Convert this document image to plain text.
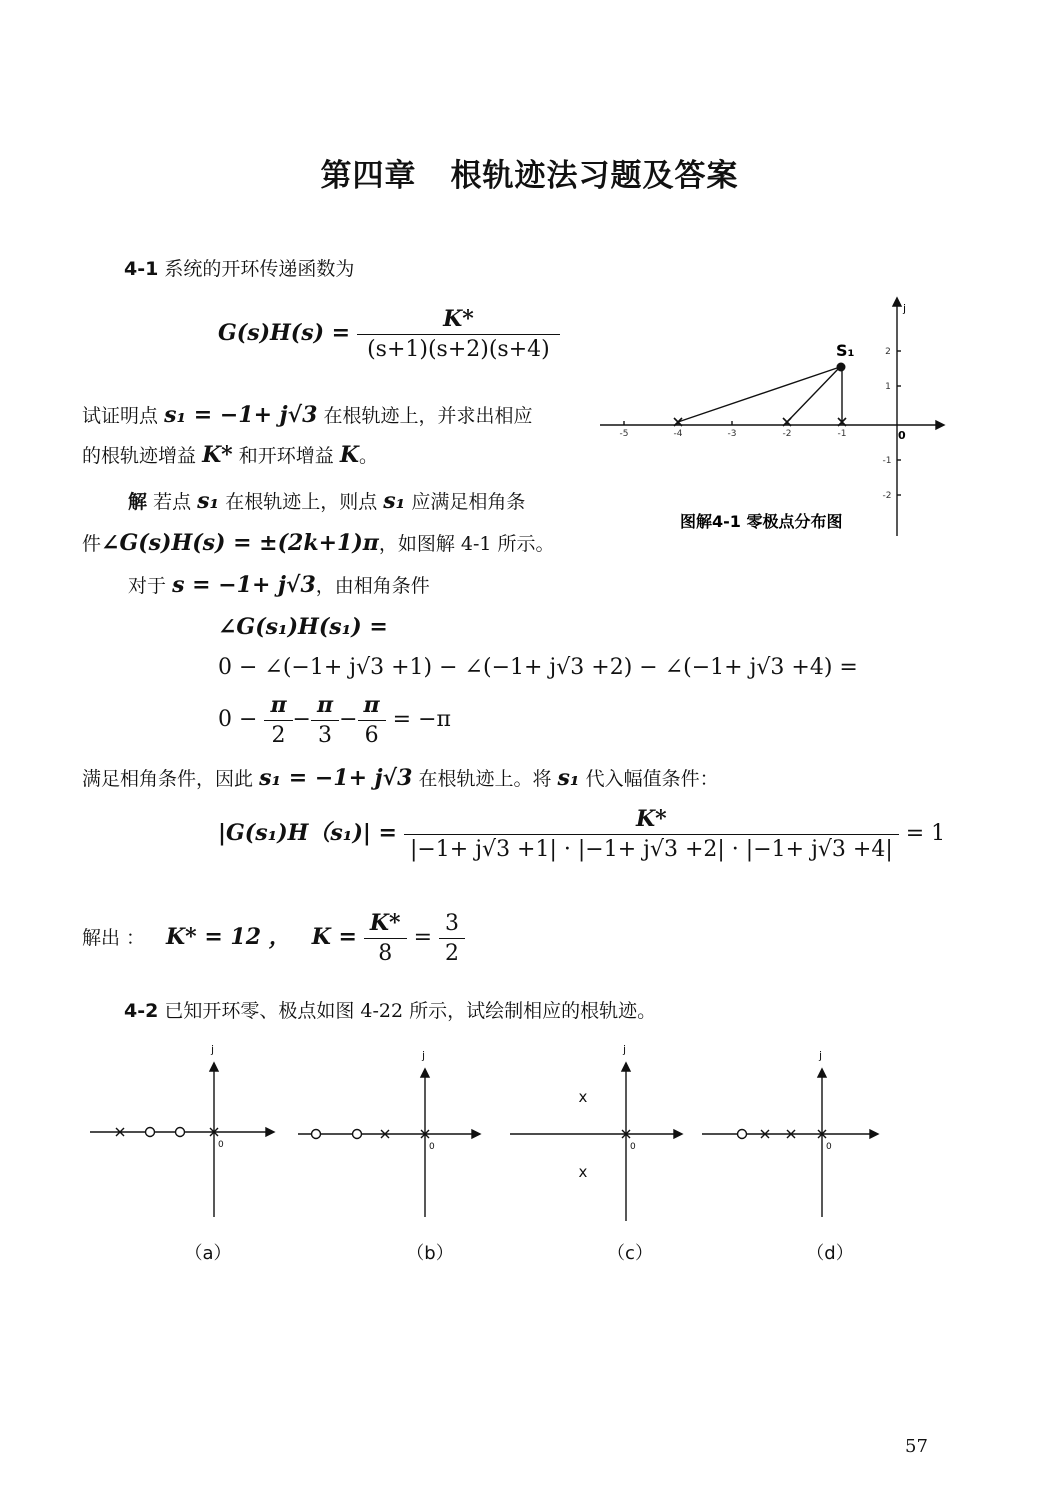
第四章 根轨迹法习题及答案
4-1 系统的开环传递函数为
$G(s)H(s) = \frac{K*}{(s+1)(s+2)(s+4)}$
试证明点 s₁ = −1+ j√3 在根轨迹上，并求出相应
的根轨迹增益 K* 和开环增益 K。
解 若点 s₁ 在根轨迹上，则点 s₁ 应满足相角条
件∠G(s)H(s) = ±(2k+1)π，如图解 4-1 所示。
对于 s = −1+ j√3，由相角条件
∠G(s₁)H(s₁) =
0 − ∠(−1+ j√3 +1) − ∠(−1+ j√3 +2) − ∠(−1+ j√3 +4) =
$0 - \frac{\pi}{2} - \frac{\pi}{3} - \frac{\pi}{6} = -\pi$
满足相角条件，因此 s₁ = −1+ j√3 在根轨迹上。将 s₁ 代入幅值条件：
$|G(s_1)H(s_1)| = \frac{K*}{|-1+ j√3 +1| \cdot |-1+ j√3 +2| \cdot |-1+ j√3 +4|} = 1$
解出 ： K* = 12 ， $K = \frac{K*}{8} = \frac{3}{2}$
-5	-4	-3	-2	-1
2
1
-1
-2
j
0
S₁
图解4-1 零极点分布图
4-2 已知开环零、极点如图 4-22 所示，试绘制相应的根轨迹。
x
x
j	j	j	j
0	0	0	0
（a）	（b）	（c）	（d）
57
